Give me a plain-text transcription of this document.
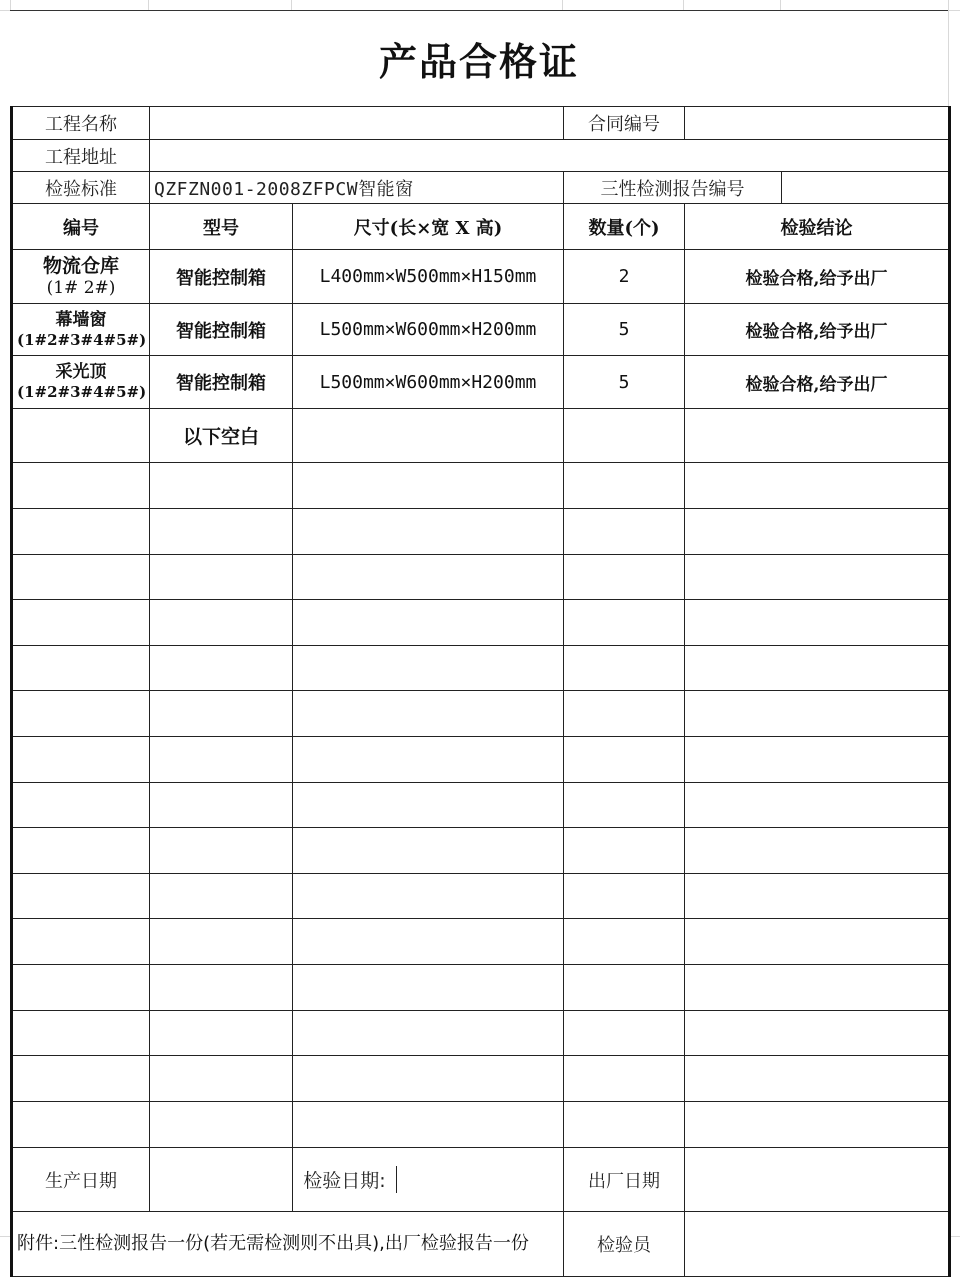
产品合格证
工程名称			合同编号		
工程地址					
检验标准	QZFZN001-2008ZFPCW智能窗		三性检测报告编号		
编号	型号	尺寸(长×宽 X 高)	数量(个)	检验结论	

物流仓库
(1# 2#)	智能控制箱	L400mm×W500mm×H150mm	2	检验合格,给予出厂	

幕墙窗
(1#2#3#4#5#)	智能控制箱	L500mm×W600mm×H200mm	5	检验合格,给予出厂	

采光顶
(1#2#3#4#5#)	智能控制箱	L500mm×W600mm×H200mm	5	检验合格,给予出厂	
	以下空白				

生产日期		检验日期:	出厂日期		
附件:三性检测报告一份(若无需检测则不出具),出厂检验报告一份			检验员		
